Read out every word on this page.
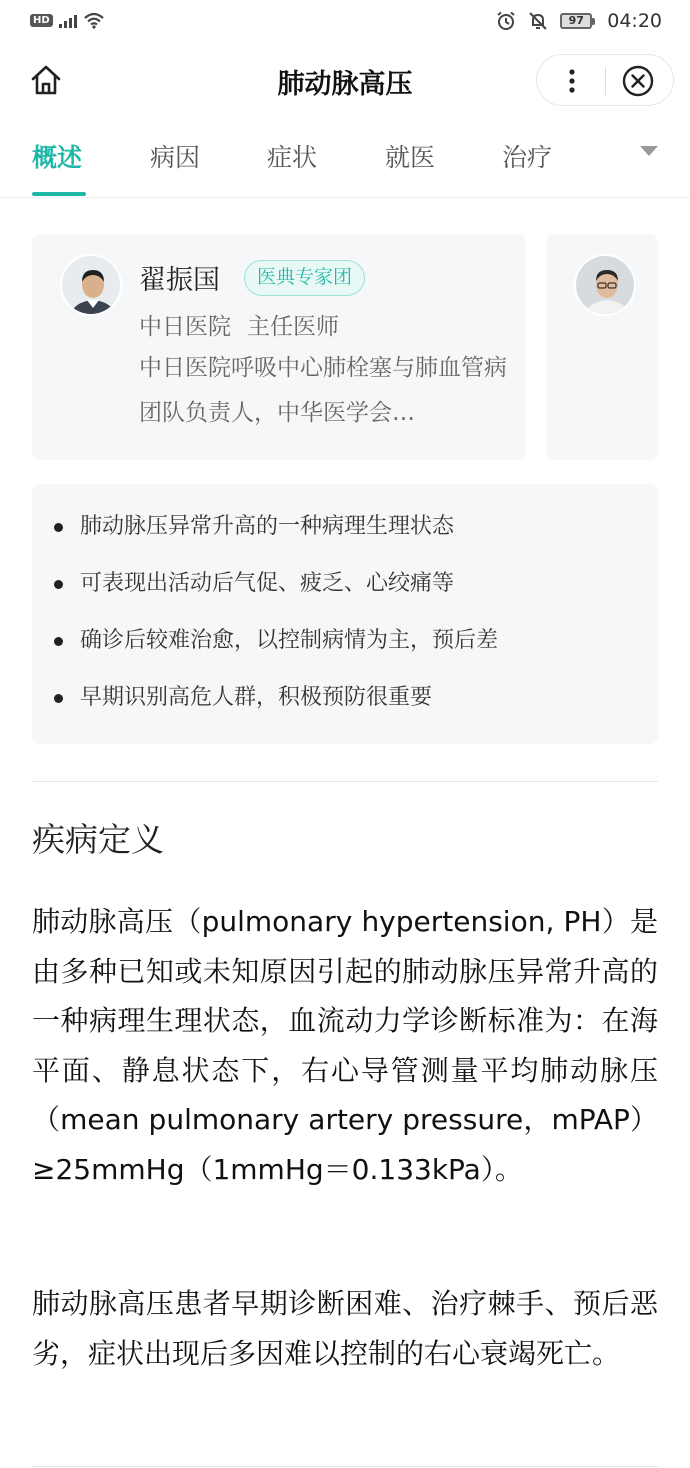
HD	97	04:20
肺动脉高压
概述	病因	症状	就医	治疗
翟振国	医典专家团
中日医院 主任医师
中日医院呼吸中心肺栓塞与肺血管病团队负责人，中华医学会…
肺动脉压异常升高的一种病理生理状态
可表现出活动后气促、疲乏、心绞痛等
确诊后较难治愈，以控制病情为主，预后差
早期识别高危人群，积极预防很重要
疾病定义

肺动脉高压（pulmonary hypertension, PH）是由多种已知或未知原因引起的肺动脉压异常升高的一种病理生理状态，血流动力学诊断标准为：在海平面、静息状态下，右心导管测量平均肺动脉压（mean pulmonary artery pressure，mPAP）≥25mmHg（1mmHg＝0.133kPa）。

肺动脉高压患者早期诊断困难、治疗棘手、预后恶劣，症状出现后多因难以控制的右心衰竭死亡。
